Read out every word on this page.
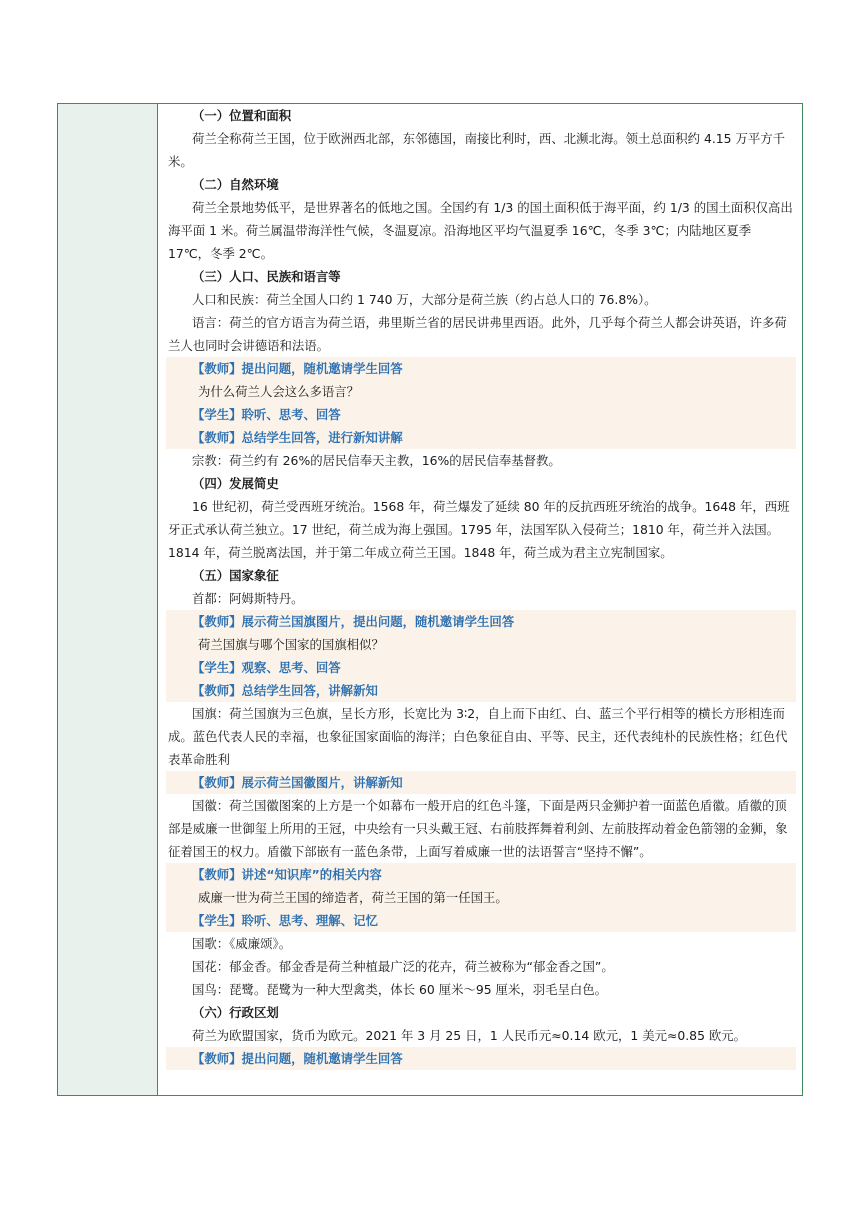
（一）位置和面积

荷兰全称荷兰王国，位于欧洲西北部，东邻德国，南接比利时，西、北濒北海。领土总面积约 4.15 万平方千米。

（二）自然环境

荷兰全景地势低平，是世界著名的低地之国。全国约有 1/3 的国土面积低于海平面，约 1/3 的国土面积仅高出海平面 1 米。荷兰属温带海洋性气候，冬温夏凉。沿海地区平均气温夏季 16℃，冬季 3℃；内陆地区夏季 17℃，冬季 2℃。

（三）人口、民族和语言等

人口和民族：荷兰全国人口约 1 740 万，大部分是荷兰族（约占总人口的 76.8%）。

语言：荷兰的官方语言为荷兰语，弗里斯兰省的居民讲弗里西语。此外，几乎每个荷兰人都会讲英语，许多荷兰人也同时会讲德语和法语。

【教师】提出问题，随机邀请学生回答

为什么荷兰人会这么多语言？

【学生】聆听、思考、回答

【教师】总结学生回答，进行新知讲解

宗教：荷兰约有 26%的居民信奉天主教，16%的居民信奉基督教。

（四）发展简史

16 世纪初，荷兰受西班牙统治。1568 年，荷兰爆发了延续 80 年的反抗西班牙统治的战争。1648 年，西班牙正式承认荷兰独立。17 世纪，荷兰成为海上强国。1795 年，法国军队入侵荷兰；1810 年，荷兰并入法国。1814 年，荷兰脱离法国，并于第二年成立荷兰王国。1848 年，荷兰成为君主立宪制国家。

（五）国家象征

首都：阿姆斯特丹。

【教师】展示荷兰国旗图片，提出问题，随机邀请学生回答

荷兰国旗与哪个国家的国旗相似？

【学生】观察、思考、回答

【教师】总结学生回答，讲解新知

国旗：荷兰国旗为三色旗，呈长方形，长宽比为 3∶2，自上而下由红、白、蓝三个平行相等的横长方形相连而成。蓝色代表人民的幸福，也象征国家面临的海洋；白色象征自由、平等、民主，还代表纯朴的民族性格；红色代表革命胜利

【教师】展示荷兰国徽图片，讲解新知

国徽：荷兰国徽图案的上方是一个如幕布一般开启的红色斗篷，下面是两只金狮护着一面蓝色盾徽。盾徽的顶部是威廉一世御玺上所用的王冠，中央绘有一只头戴王冠、右前肢挥舞着利剑、左前肢挥动着金色箭翎的金狮，象征着国王的权力。盾徽下部嵌有一蓝色条带，上面写着威廉一世的法语誓言“坚持不懈”。

【教师】讲述“知识库”的相关内容

威廉一世为荷兰王国的缔造者，荷兰王国的第一任国王。

【学生】聆听、思考、理解、记忆

国歌：《威廉颂》。

国花：郁金香。郁金香是荷兰种植最广泛的花卉，荷兰被称为“郁金香之国”。

国鸟：琵鹭。琵鹭为一种大型禽类，体长 60 厘米～95 厘米，羽毛呈白色。

（六）行政区划

荷兰为欧盟国家，货币为欧元。2021 年 3 月 25 日，1 人民币元≈0.14 欧元，1 美元≈0.85 欧元。

【教师】提出问题，随机邀请学生回答
